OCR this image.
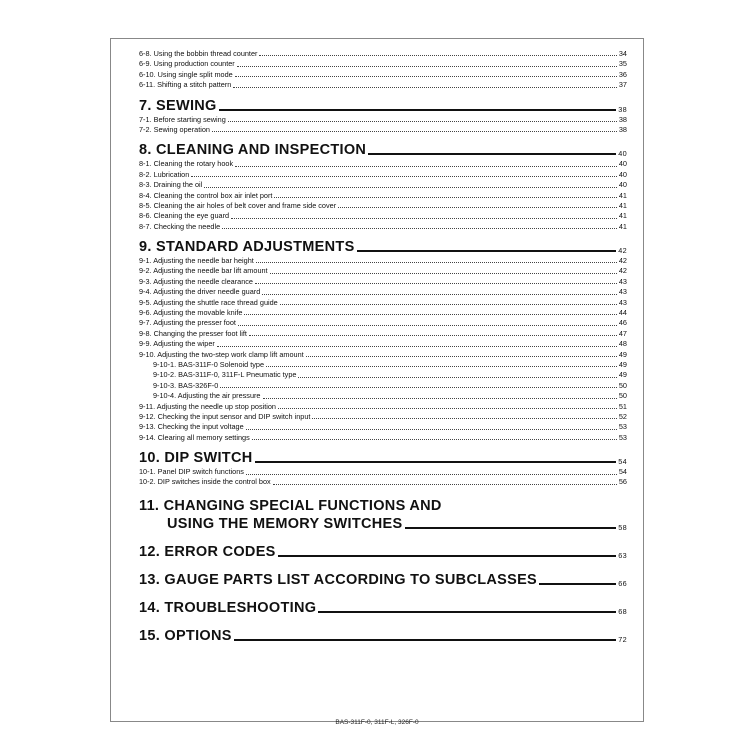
6-8. Using the bobbin thread counter	34
6-9. Using production counter	35
6-10. Using single split mode	36
6-11. Shifting a stitch pattern	37
7. SEWING	38
7-1. Before starting sewing	38
7-2. Sewing operation	38
8. CLEANING AND INSPECTION	40
8-1. Cleaning the rotary hook	40
8-2. Lubrication	40
8-3. Draining the oil	40
8-4. Cleaning the control box air inlet port	41
8-5. Cleaning the air holes of belt cover and frame side cover	41
8-6. Cleaning the eye guard	41
8-7. Checking the needle	41
9. STANDARD ADJUSTMENTS	42
9-1. Adjusting the needle bar height	42
9-2. Adjusting the needle bar lift amount	42
9-3. Adjusting the needle clearance	43
9-4. Adjusting the driver needle guard	43
9-5. Adjusting the shuttle race thread guide	43
9-6. Adjusting the movable knife	44
9-7. Adjusting the presser foot	46
9-8. Changing the presser foot lift	47
9-9. Adjusting the wiper	48
9-10. Adjusting the two-step work clamp lift amount	49
9-10-1. BAS-311F-0 Solenoid type	49
9-10-2. BAS-311F-0, 311F-L Pneumatic type	49
9-10-3. BAS-326F-0	50
9-10-4. Adjusting the air pressure	50
9-11. Adjusting the needle up stop position	51
9-12. Checking the input sensor and DIP switch input	52
9-13. Checking the input voltage	53
9-14. Clearing all memory settings	53
10. DIP SWITCH	54
10-1. Panel DIP switch functions	54
10-2. DIP switches inside the control box	56
11. CHANGING SPECIAL FUNCTIONS AND
USING THE MEMORY SWITCHES	58
12. ERROR CODES	63
13. GAUGE PARTS LIST ACCORDING TO SUBCLASSES	66
14. TROUBLESHOOTING	68
15. OPTIONS	72
BAS-311F-0, 311F-L, 326F-0
